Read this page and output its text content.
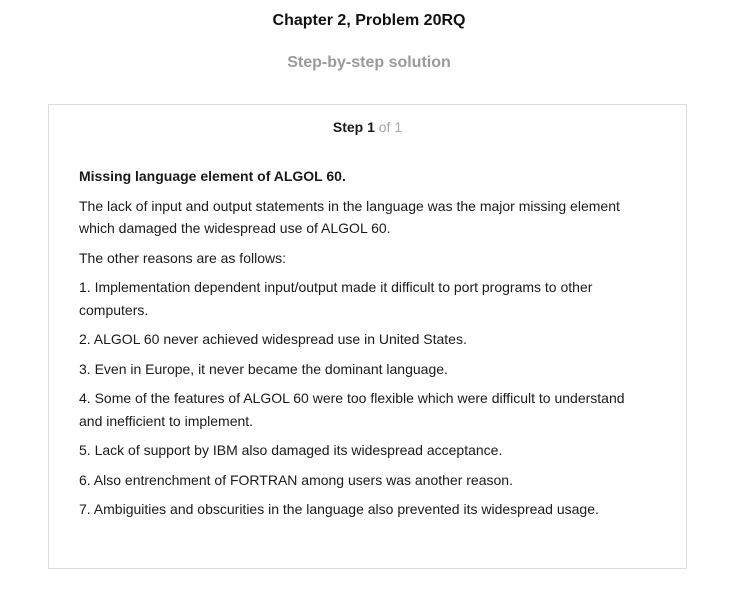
Chapter 2, Problem 20RQ
Step-by-step solution
Step 1 of 1

Missing language element of ALGOL 60.

The lack of input and output statements in the language was the major missing element which damaged the widespread use of ALGOL 60.

The other reasons are as follows:

1. Implementation dependent input/output made it difficult to port programs to other computers.

2. ALGOL 60 never achieved widespread use in United States.

3. Even in Europe, it never became the dominant language.

4. Some of the features of ALGOL 60 were too flexible which were difficult to understand and inefficient to implement.

5. Lack of support by IBM also damaged its widespread acceptance.

6. Also entrenchment of FORTRAN among users was another reason.

7. Ambiguities and obscurities in the language also prevented its widespread usage.
